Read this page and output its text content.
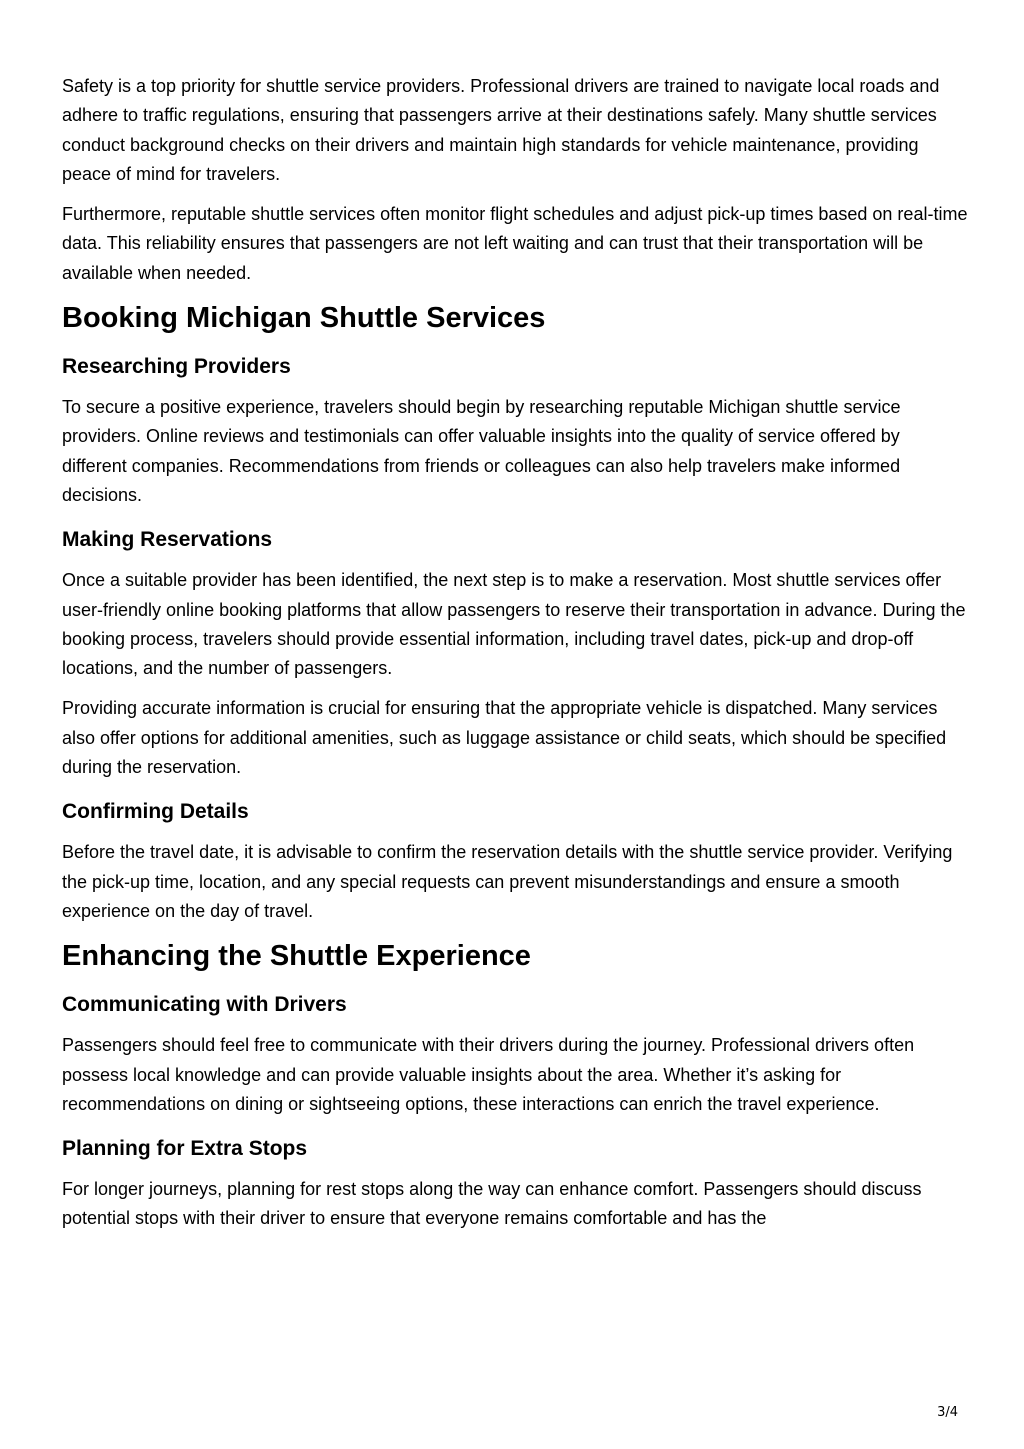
Safety is a top priority for shuttle service providers. Professional drivers are trained to navigate local roads and adhere to traffic regulations, ensuring that passengers arrive at their destinations safely. Many shuttle services conduct background checks on their drivers and maintain high standards for vehicle maintenance, providing peace of mind for travelers.

Furthermore, reputable shuttle services often monitor flight schedules and adjust pick-up times based on real-time data. This reliability ensures that passengers are not left waiting and can trust that their transportation will be available when needed.

Booking Michigan Shuttle Services
Researching Providers

To secure a positive experience, travelers should begin by researching reputable Michigan shuttle service providers. Online reviews and testimonials can offer valuable insights into the quality of service offered by different companies. Recommendations from friends or colleagues can also help travelers make informed decisions.

Making Reservations

Once a suitable provider has been identified, the next step is to make a reservation. Most shuttle services offer user-friendly online booking platforms that allow passengers to reserve their transportation in advance. During the booking process, travelers should provide essential information, including travel dates, pick-up and drop-off locations, and the number of passengers.

Providing accurate information is crucial for ensuring that the appropriate vehicle is dispatched. Many services also offer options for additional amenities, such as luggage assistance or child seats, which should be specified during the reservation.

Confirming Details

Before the travel date, it is advisable to confirm the reservation details with the shuttle service provider. Verifying the pick-up time, location, and any special requests can prevent misunderstandings and ensure a smooth experience on the day of travel.

Enhancing the Shuttle Experience
Communicating with Drivers

Passengers should feel free to communicate with their drivers during the journey. Professional drivers often possess local knowledge and can provide valuable insights about the area. Whether it’s asking for recommendations on dining or sightseeing options, these interactions can enrich the travel experience.

Planning for Extra Stops

For longer journeys, planning for rest stops along the way can enhance comfort. Passengers should discuss potential stops with their driver to ensure that everyone remains comfortable and has the

3/4
